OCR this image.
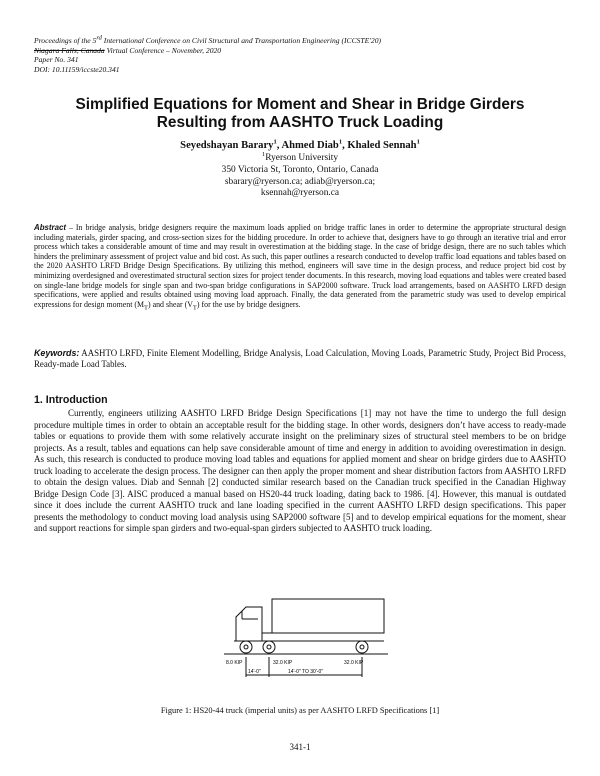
Proceedings of the 5rd International Conference on Civil Structural and Transportation Engineering (ICCSTE'20)
Niagara Falls, Canada Virtual Conference – November, 2020
Paper No. 341
DOI: 10.11159/iccste20.341
Simplified Equations for Moment and Shear in Bridge Girders
Resulting from AASHTO Truck Loading
Seyedshayan Barary$^1$, Ahmed Diab$^1$, Khaled Sennah$^1$
$^1$Ryerson University
350 Victoria St, Toronto, Ontario, Canada
sbarary@ryerson.ca; adiab@ryerson.ca;
ksennah@ryerson.ca
Abstract – In bridge analysis, bridge designers require the maximum loads applied on bridge traffic lanes in order to determine the appropriate structural design including materials, girder spacing, and cross-section sizes for the bidding procedure. In order to achieve that, designers have to go through an iterative trial and error process which takes a considerable amount of time and may result in overestimation at the bidding stage. In the case of bridge design, there are no such tables which hinders the preliminary assessment of project value and bid cost. As such, this paper outlines a research conducted to develop traffic load equations and tables based on the 2020 AASHTO LRFD Bridge Design Specifications. By utilizing this method, engineers will save time in the design process, and reduce project bid cost by minimizing overdesigned and overestimated structural section sizes for project tender documents. In this research, moving load equations and tables were created based on single-lane bridge models for single span and two-span bridge configurations in SAP2000 software. Truck load arrangements, based on AASHTO LRFD design specifications, were applied and results obtained using moving load approach. Finally, the data generated from the parametric study was used to develop empirical expressions for design moment $(M_T)$ and shear $(V_T)$ for the use by bridge designers.
Keywords: AASHTO LRFD, Finite Element Modelling, Bridge Analysis, Load Calculation, Moving Loads, Parametric Study, Project Bid Process, Ready-made Load Tables.
1. Introduction
Currently, engineers utilizing AASHTO LRFD Bridge Design Specifications [1] may not have the time to undergo the full design procedure multiple times in order to obtain an acceptable result for the bidding stage. In other words, designers don’t have access to ready-made tables or equations to provide them with some relatively accurate insight on the preliminary sizes of structural steel members to be on bridge projects. As a result, tables and equations can help save considerable amount of time and energy in addition to avoiding overestimation in design. As such, this research is conducted to produce moving load tables and equations for applied moment and shear on bridge girders due to AASHTO truck loading to accelerate the design process. The designer can then apply the proper moment and shear distribution factors from AASHTO LRFD to obtain the design values. Diab and Sennah [2] conducted similar research based on the Canadian truck specified in the Canadian Highway Bridge Design Code [3]. AISC produced a manual based on HS20-44 truck loading, dating back to 1986. [4]. However, this manual is outdated since it does include the current AASHTO truck and lane loading specified in the current AASHTO LRFD design specifications. This paper presents the methodology to conduct moving load analysis using SAP2000 software [5] and to develop empirical equations for the moment, shear and support reactions for simple span girders and two-equal-span girders subjected to AASHTO truck loading.
8.0 KIP	32.0 KIP	32.0 KIP
14'-0"	14'-0" TO 30'-0"
Figure 1: HS20-44 truck (imperial units) as per AASHTO LRFD Specifications [1]
341-1
